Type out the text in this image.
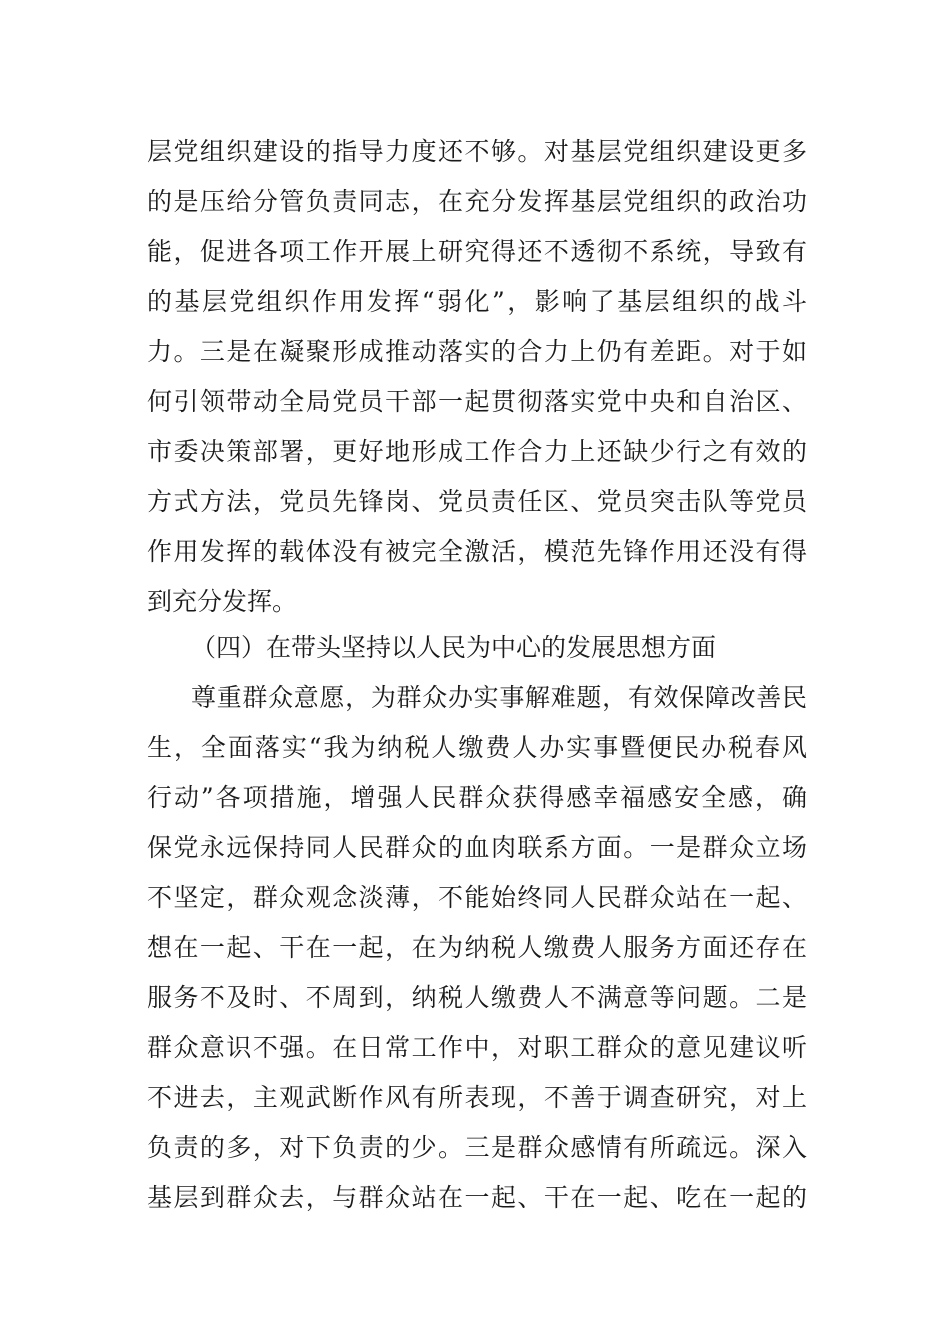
层党组织建设的指导力度还不够。对基层党组织建设更多
的是压给分管负责同志，在充分发挥基层党组织的政治功
能，促进各项工作开展上研究得还不透彻不系统，导致有
的基层党组织作用发挥“弱化”，影响了基层组织的战斗
力。三是在凝聚形成推动落实的合力上仍有差距。对于如
何引领带动全局党员干部一起贯彻落实党中央和自治区、
市委决策部署，更好地形成工作合力上还缺少行之有效的
方式方法，党员先锋岗、党员责任区、党员突击队等党员
作用发挥的载体没有被完全激活，模范先锋作用还没有得
到充分发挥。
（四）在带头坚持以人民为中心的发展思想方面
尊重群众意愿，为群众办实事解难题，有效保障改善民
生，全面落实“我为纳税人缴费人办实事暨便民办税春风
行动”各项措施，增强人民群众获得感幸福感安全感，确
保党永远保持同人民群众的血肉联系方面。一是群众立场
不坚定，群众观念淡薄，不能始终同人民群众站在一起、
想在一起、干在一起，在为纳税人缴费人服务方面还存在
服务不及时、不周到，纳税人缴费人不满意等问题。二是
群众意识不强。在日常工作中，对职工群众的意见建议听
不进去，主观武断作风有所表现，不善于调查研究，对上
负责的多，对下负责的少。三是群众感情有所疏远。深入
基层到群众去，与群众站在一起、干在一起、吃在一起的
